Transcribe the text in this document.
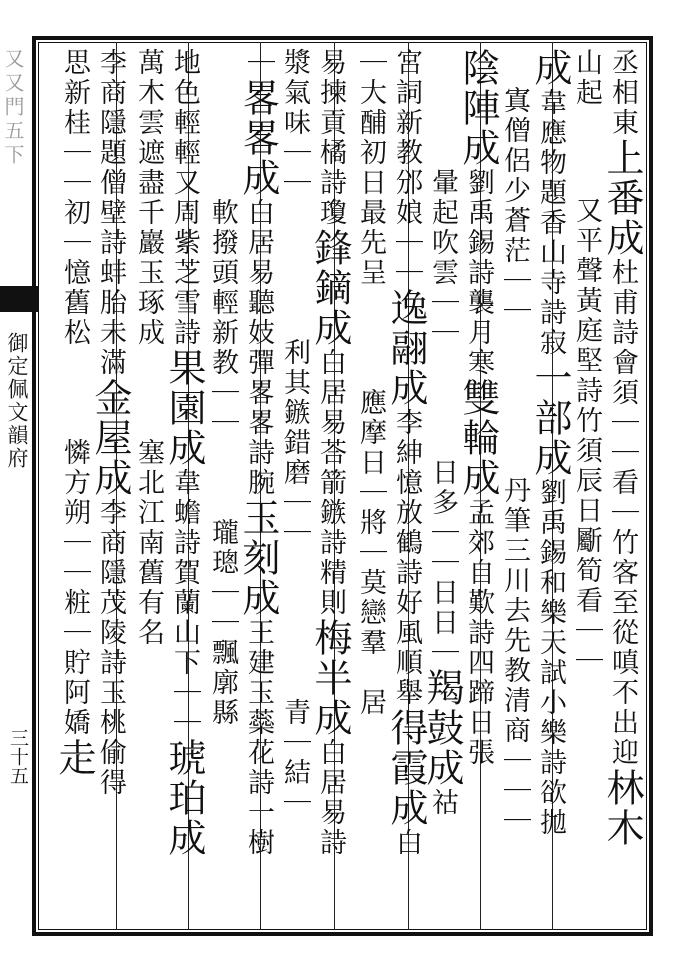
又又門五下
御定佩文韻府
三十五
丞相東上番成杜甫詩會須｜｜看｜竹客至從嗔不出迎林木
山起又平聲黃庭堅詩竹須辰日斸筍看｜｜
成韋應物題香山寺詩寂一部成劉禹錫和樂天試小樂詩欲拋
寘僧侶少蒼茫｜｜丹筆三川去先教清商｜｜｜
陰陣成劉禹錫詩襲月寒雙輪成孟郊自歎詩四蹄日張
暈起吹雲｜｜日多｜｜日日｜羯鼓成祜
宮詞新教邠娘｜｜逸翮成李紳憶放鶴詩好風順舉得霞成白
｜大酺初日最先呈應摩日｜將｜莫戀羣居
易揀貢橘詩瓊鋒鏑成白居易荅箭鏃詩精則梅半成白居易詩
漿氣味｜｜利其鏃錯磨｜｜青｜結｜
｜畧畧成白居易聽妓彈畧畧詩腕玉刻成王建玉蘂花詩一樹
軟撥頭輕新教｜｜瓏璁｜｜飄廓縣
地色輕輕又周紫芝雪詩果園成韋蟾詩賀蘭山下｜｜琥珀成
萬木雲遮盡千巖玉琢成塞北江南舊有名
李商隱題僧壁詩蚌胎未滿金屋成李商隱茂陵詩玉桃偷得
思新桂｜｜初｜憶舊松憐方朔｜｜粧｜貯阿嬌走
